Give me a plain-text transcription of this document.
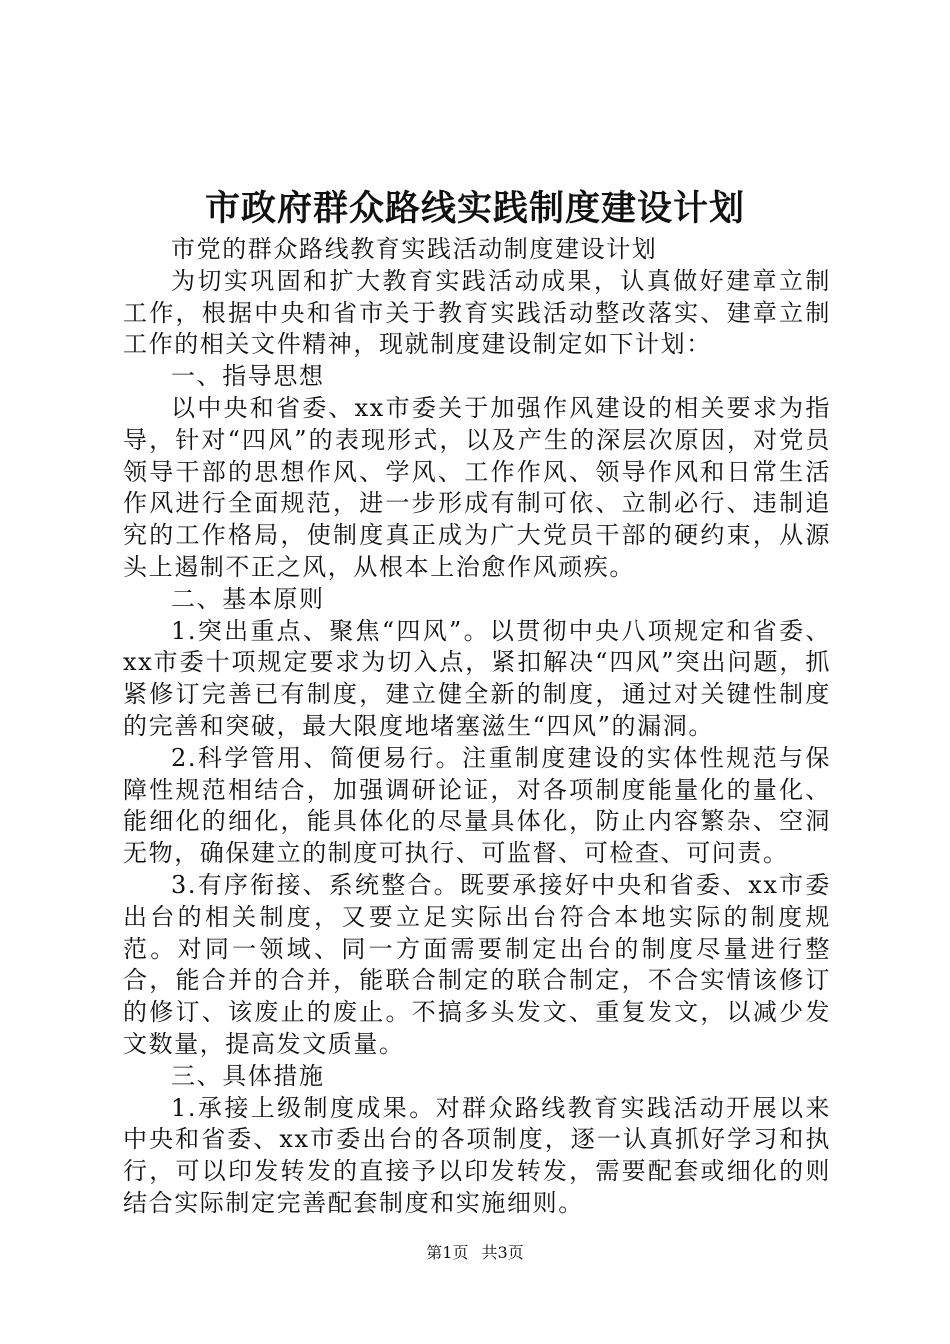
市政府群众路线实践制度建设计划

市党的群众路线教育实践活动制度建设计划

为切实巩固和扩大教育实践活动成果，认真做好建章立制工作，根据中央和省市关于教育实践活动整改落实、建章立制工作的相关文件精神，现就制度建设制定如下计划：

一、指导思想

以中央和省委、xx市委关于加强作风建设的相关要求为指导，针对“四风”的表现形式，以及产生的深层次原因，对党员领导干部的思想作风、学风、工作作风、领导作风和日常生活作风进行全面规范，进一步形成有制可依、立制必行、违制追究的工作格局，使制度真正成为广大党员干部的硬约束，从源头上遏制不正之风，从根本上治愈作风顽疾。

二、基本原则

1.突出重点、聚焦“四风”。以贯彻中央八项规定和省委、xx市委十项规定要求为切入点，紧扣解决“四风”突出问题，抓紧修订完善已有制度，建立健全新的制度，通过对关键性制度的完善和突破，最大限度地堵塞滋生“四风”的漏洞。

2.科学管用、简便易行。注重制度建设的实体性规范与保障性规范相结合，加强调研论证，对各项制度能量化的量化、能细化的细化，能具体化的尽量具体化，防止内容繁杂、空洞无物，确保建立的制度可执行、可监督、可检查、可问责。

3.有序衔接、系统整合。既要承接好中央和省委、xx市委出台的相关制度，又要立足实际出台符合本地实际的制度规范。对同一领域、同一方面需要制定出台的制度尽量进行整合，能合并的合并，能联合制定的联合制定，不合实情该修订的修订、该废止的废止。不搞多头发文、重复发文，以减少发文数量，提高发文质量。

三、具体措施

1.承接上级制度成果。对群众路线教育实践活动开展以来中央和省委、xx市委出台的各项制度，逐一认真抓好学习和执行，可以印发转发的直接予以印发转发，需要配套或细化的则结合实际制定完善配套制度和实施细则。

第1页 共3页
